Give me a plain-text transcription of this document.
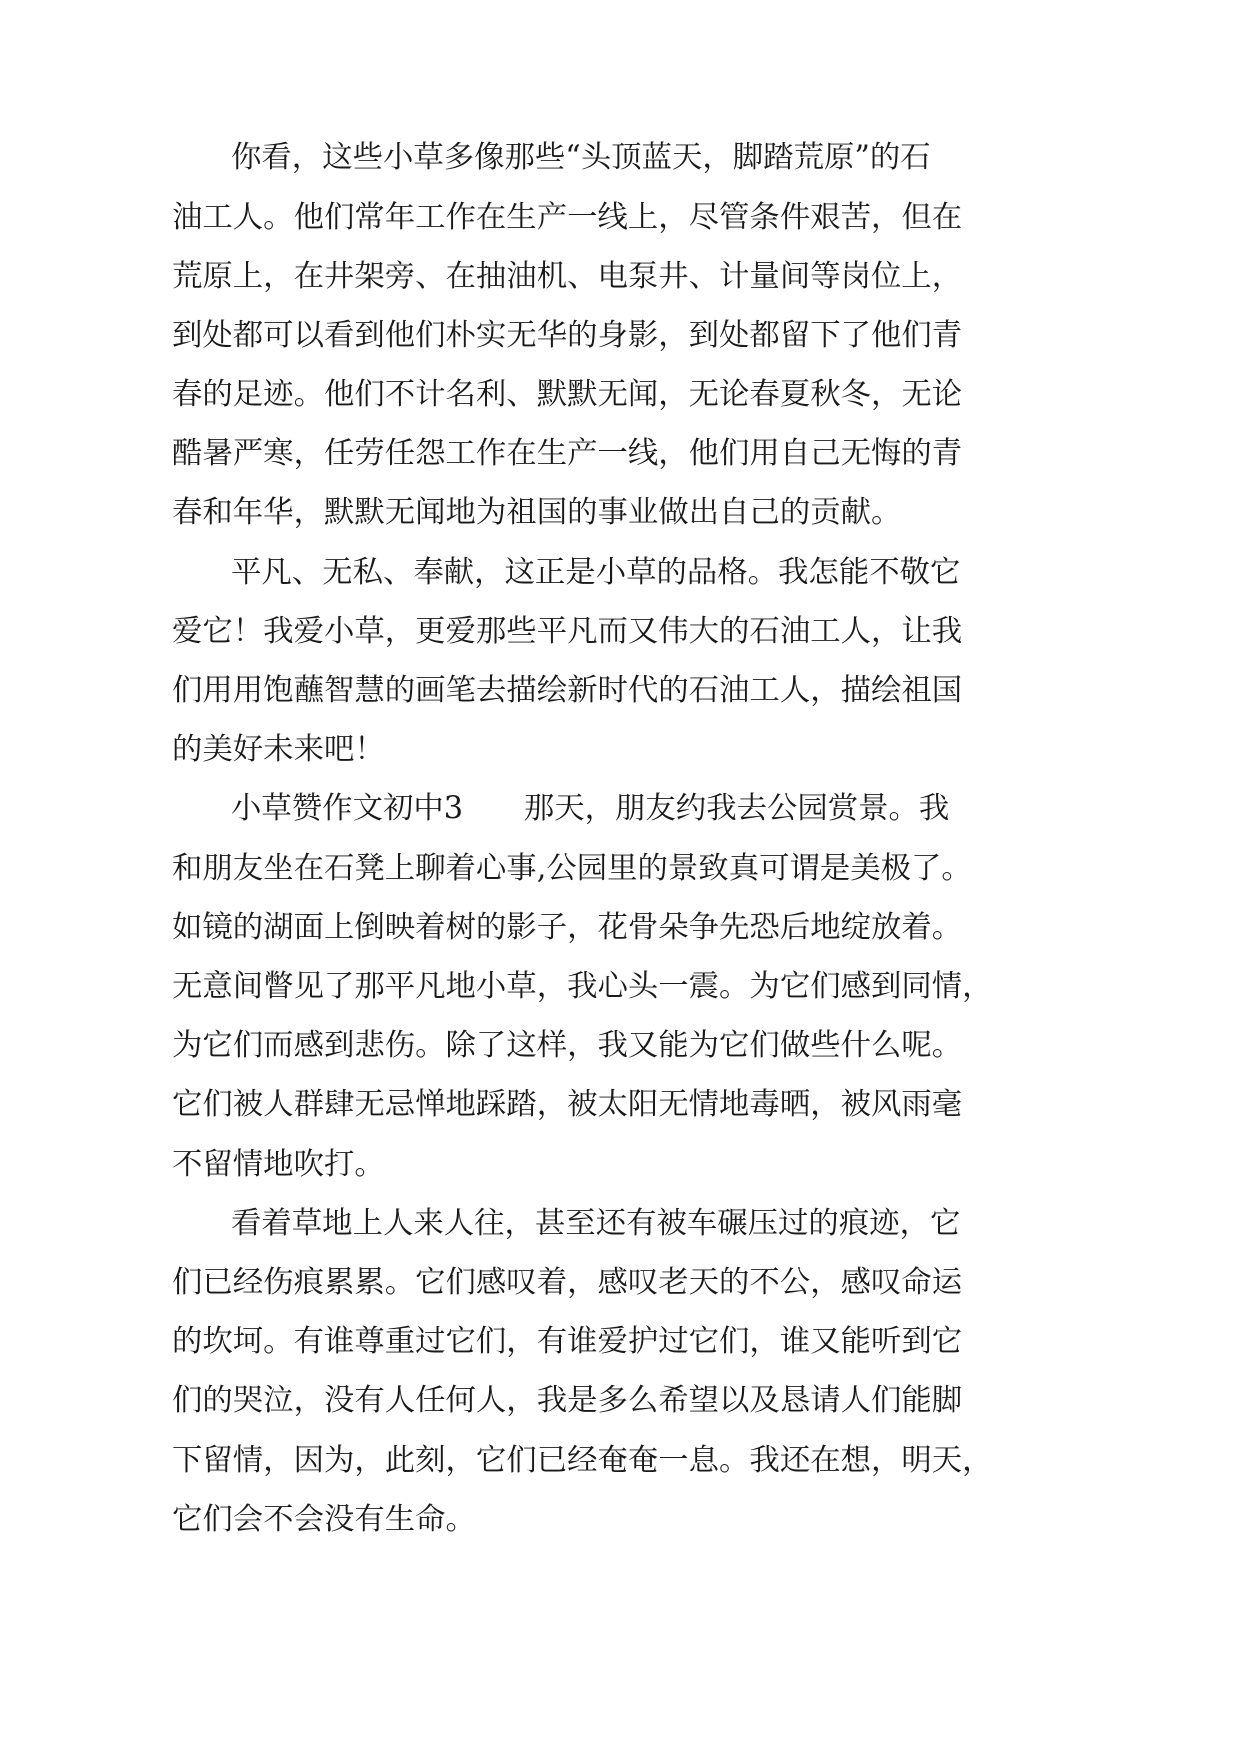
你看，这些小草多像那些“头顶蓝天，脚踏荒原”的石

油工人。他们常年工作在生产一线上，尽管条件艰苦，但在

荒原上，在井架旁、在抽油机、电泵井、计量间等岗位上，

到处都可以看到他们朴实无华的身影，到处都留下了他们青

春的足迹。他们不计名利、默默无闻，无论春夏秋冬，无论

酷暑严寒，任劳任怨工作在生产一线，他们用自己无悔的青

春和年华，默默无闻地为祖国的事业做出自己的贡献。

平凡、无私、奉献，这正是小草的品格。我怎能不敬它

爱它！我爱小草，更爱那些平凡而又伟大的石油工人，让我

们用用饱蘸智慧的画笔去描绘新时代的石油工人，描绘祖国

的美好未来吧！

小草赞作文初中3　　那天，朋友约我去公园赏景。我

和朋友坐在石凳上聊着心事,公园里的景致真可谓是美极了。

如镜的湖面上倒映着树的影子，花骨朵争先恐后地绽放着。

无意间瞥见了那平凡地小草，我心头一震。为它们感到同情，

为它们而感到悲伤。除了这样，我又能为它们做些什么呢。

它们被人群肆无忌惮地踩踏，被太阳无情地毒晒，被风雨毫

不留情地吹打。

看着草地上人来人往，甚至还有被车碾压过的痕迹，它

们已经伤痕累累。它们感叹着，感叹老天的不公，感叹命运

的坎坷。有谁尊重过它们，有谁爱护过它们，谁又能听到它

们的哭泣，没有人任何人，我是多么希望以及恳请人们能脚

下留情，因为，此刻，它们已经奄奄一息。我还在想，明天，

它们会不会没有生命。
